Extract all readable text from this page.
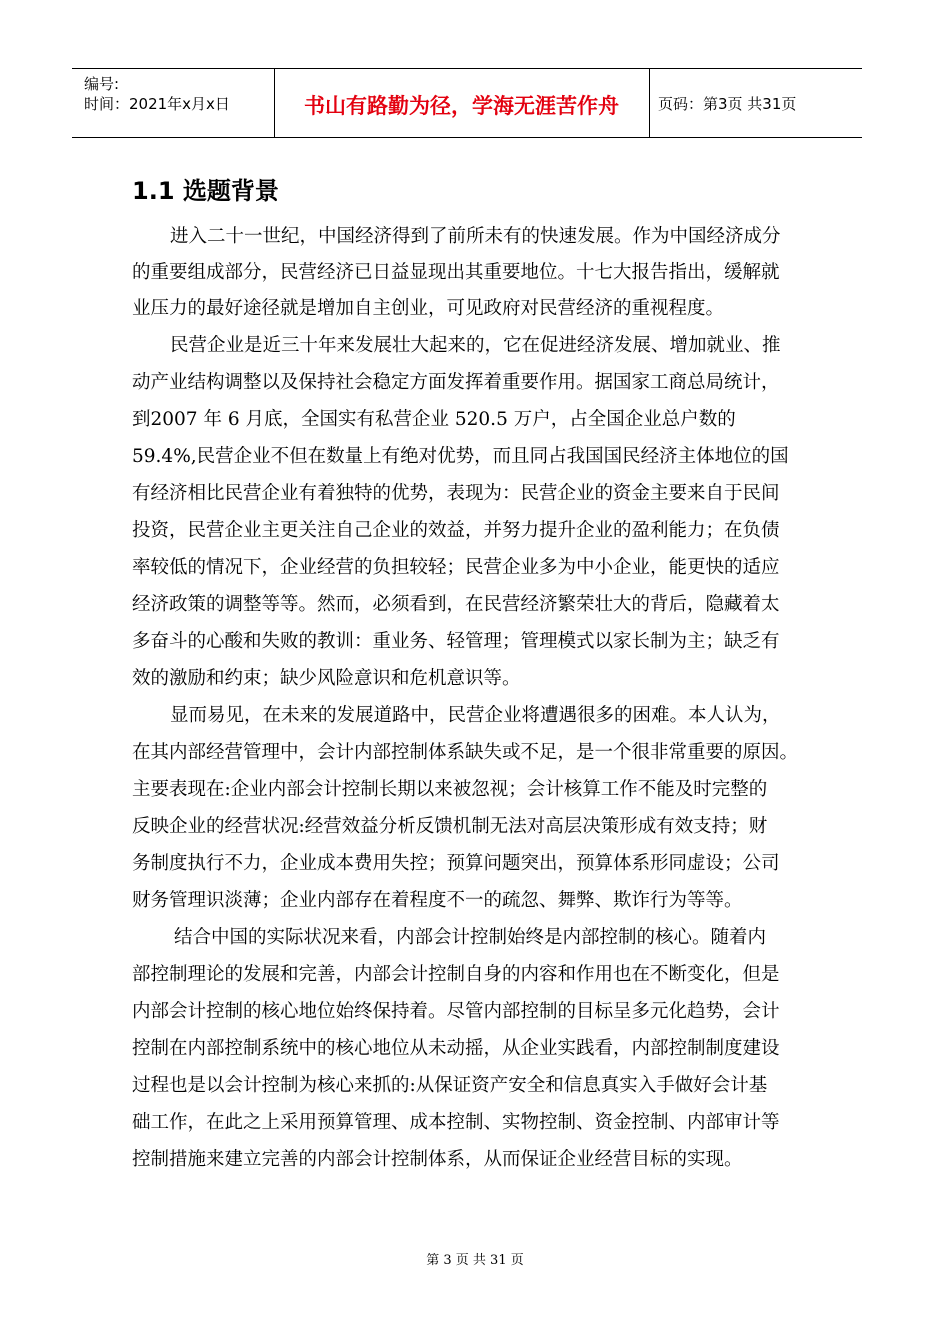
编号:
时间：2021年x月x日	书山有路勤为径，学海无涯苦作舟	页码：第3页 共31页
1.1 选题背景
进入二十一世纪，中国经济得到了前所未有的快速发展。作为中国经济成分
的重要组成部分，民营经济已日益显现出其重要地位。十七大报告指出，缓解就
业压力的最好途径就是增加自主创业，可见政府对民营经济的重视程度。
民营企业是近三十年来发展壮大起来的，它在促进经济发展、增加就业、推
动产业结构调整以及保持社会稳定方面发挥着重要作用。据国家工商总局统计，
到2007 年 6 月底，全国实有私营企业 520.5 万户，占全国企业总户数的
59.4%,民营企业不但在数量上有绝对优势，而且同占我国国民经济主体地位的国
有经济相比民营企业有着独特的优势，表现为：民营企业的资金主要来自于民间
投资，民营企业主更关注自己企业的效益，并努力提升企业的盈利能力；在负债
率较低的情况下，企业经营的负担较轻；民营企业多为中小企业，能更快的适应
经济政策的调整等等。然而，必须看到，在民营经济繁荣壮大的背后，隐藏着太
多奋斗的心酸和失败的教训：重业务、轻管理；管理模式以家长制为主；缺乏有
效的激励和约束；缺少风险意识和危机意识等。
显而易见，在未来的发展道路中，民营企业将遭遇很多的困难。本人认为，
在其内部经营管理中，会计内部控制体系缺失或不足，是一个很非常重要的原因。
主要表现在:企业内部会计控制长期以来被忽视；会计核算工作不能及时完整的
反映企业的经营状况:经营效益分析反馈机制无法对高层决策形成有效支持；财
务制度执行不力，企业成本费用失控；预算问题突出，预算体系形同虚设；公司
财务管理识淡薄；企业内部存在着程度不一的疏忽、舞弊、欺诈行为等等。
结合中国的实际状况来看，内部会计控制始终是内部控制的核心。随着内
部控制理论的发展和完善，内部会计控制自身的内容和作用也在不断变化，但是
内部会计控制的核心地位始终保持着。尽管内部控制的目标呈多元化趋势，会计
控制在内部控制系统中的核心地位从未动摇，从企业实践看，内部控制制度建设
过程也是以会计控制为核心来抓的:从保证资产安全和信息真实入手做好会计基
础工作，在此之上采用预算管理、成本控制、实物控制、资金控制、内部审计等
控制措施来建立完善的内部会计控制体系，从而保证企业经营目标的实现。
第 3 页 共 31 页
